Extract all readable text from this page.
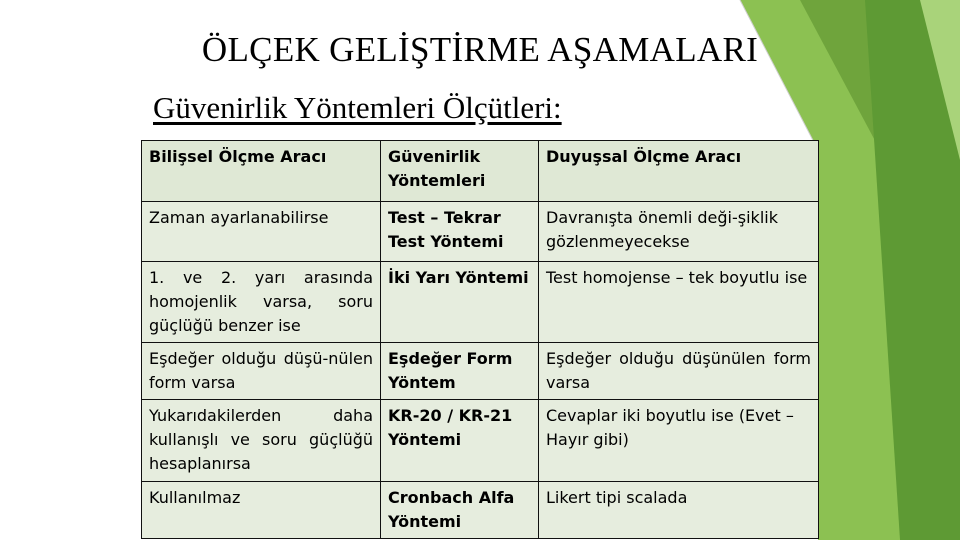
ÖLÇEK GELİŞTİRME AŞAMALARI
Güvenirlik Yöntemleri Ölçütleri:
Bilişsel Ölçme Aracı	Güvenirlik Yöntemleri	Duyuşsal Ölçme Aracı
Zaman ayarlanabilirse	Test – Tekrar Test Yöntemi	Davranışta önemli deği-şiklik gözlenmeyecekse
1. ve 2. yarı arasında homojenlik varsa, soru güçlüğü benzer ise	İki Yarı Yöntemi	Test homojense – tek boyutlu ise
Eşdeğer olduğu düşü-nülen form varsa	Eşdeğer Form Yöntem	Eşdeğer olduğu düşünülen form varsa
Yukarıdakilerden daha kullanışlı ve soru güçlüğü hesaplanırsa	KR-20 / KR-21 Yöntemi	Cevaplar iki boyutlu ise (Evet – Hayır gibi)
Kullanılmaz	Cronbach Alfa Yöntemi	Likert tipi scalada
